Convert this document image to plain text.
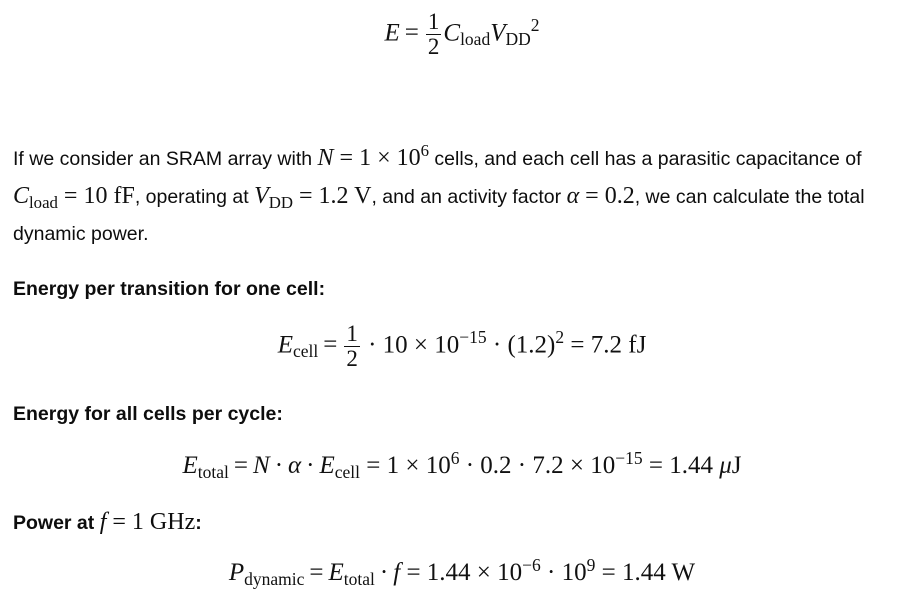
$E = \frac{1}{2} C_{load}V_{DD}^2$
If we consider an SRAM array with $N = 1 \times 10^6$ cells, and each cell has a parasitic capacitance of $C_{load} = 10$ fF, operating at $V_{DD} = 1.2$ V, and an activity factor α = 0.2, we can calculate the total dynamic power.
Energy per transition for one cell:
$E_{cell} = \frac{1}{2} \cdot 10 \times 10^{-15} \cdot (1.2)^2 = 7.2$ fJ
Energy for all cells per cycle:
$E_{total} = N \cdot \alpha \cdot E_{cell} = 1 \times 10^6 \cdot 0.2 \cdot 7.2 \times 10^{-15} = 1.44$ μJ
Power at f = 1 GHz:
$P_{dynamic} = E_{total} \cdot f = 1.44 \times 10^{-6} \cdot 10^9 = 1.44$ W
